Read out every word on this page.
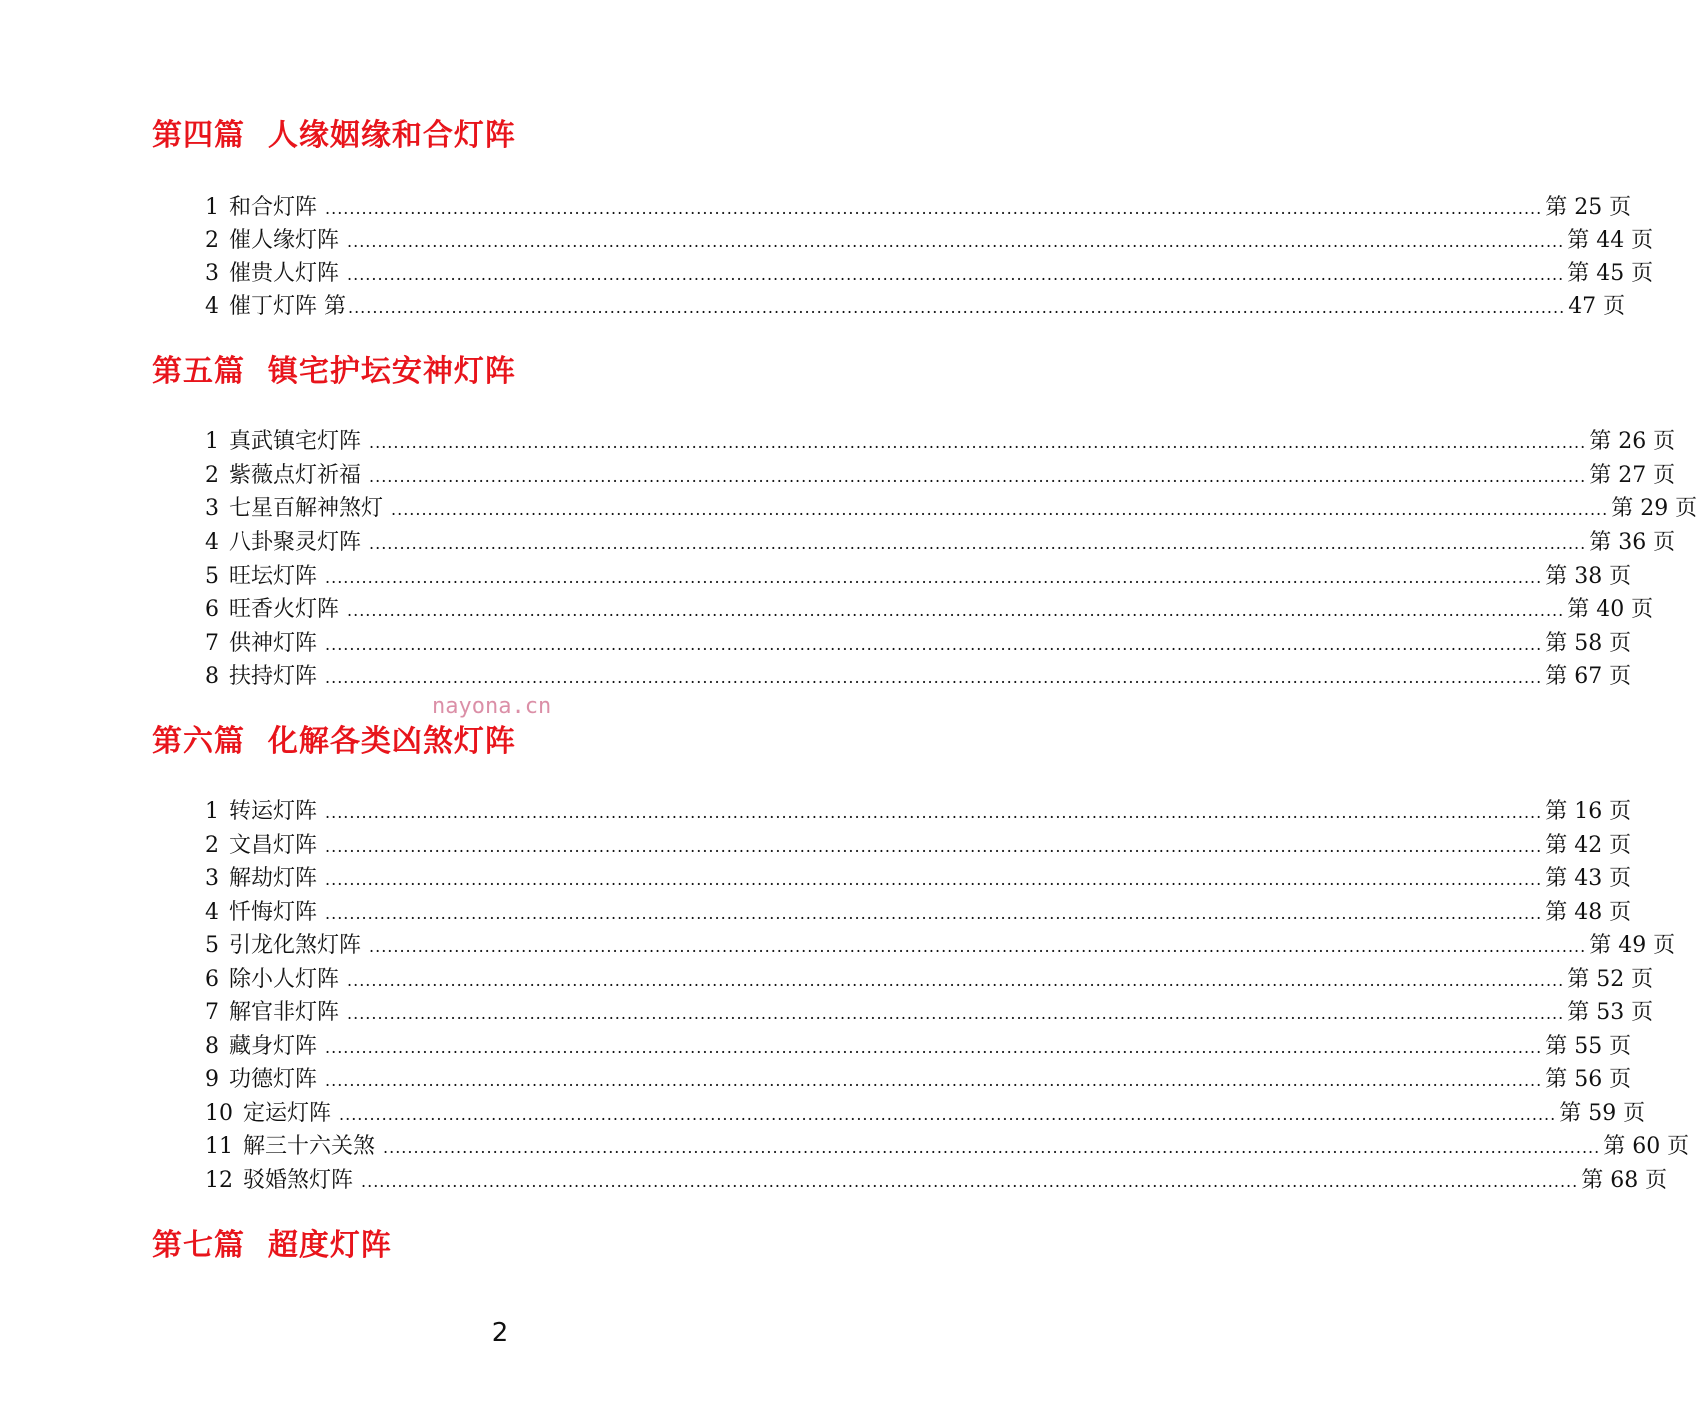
第四篇  人缘姻缘和合灯阵
1 和合灯阵 ........................................................................................................................................................................................................ 第 25 页
2 催人缘灯阵 ........................................................................................................................................................................................................ 第 44 页
3 催贵人灯阵 ........................................................................................................................................................................................................ 第 45 页
4 催丁灯阵 第 ........................................................................................................................................................................................................ 47 页
第五篇  镇宅护坛安神灯阵
1 真武镇宅灯阵 ........................................................................................................................................................................................................ 第 26 页
2 紫薇点灯祈福 ........................................................................................................................................................................................................ 第 27 页
3 七星百解神煞灯 ........................................................................................................................................................................................................ 第 29 页
4 八卦聚灵灯阵 ........................................................................................................................................................................................................ 第 36 页
5 旺坛灯阵 ........................................................................................................................................................................................................ 第 38 页
6 旺香火灯阵 ........................................................................................................................................................................................................ 第 40 页
7 供神灯阵 ........................................................................................................................................................................................................ 第 58 页
8 扶持灯阵 ........................................................................................................................................................................................................ 第 67 页
nayona.cn
第六篇  化解各类凶煞灯阵
1 转运灯阵 ........................................................................................................................................................................................................ 第 16 页
2 文昌灯阵 ........................................................................................................................................................................................................ 第 42 页
3 解劫灯阵 ........................................................................................................................................................................................................ 第 43 页
4 忏悔灯阵 ........................................................................................................................................................................................................ 第 48 页
5 引龙化煞灯阵 ........................................................................................................................................................................................................ 第 49 页
6 除小人灯阵 ........................................................................................................................................................................................................ 第 52 页
7 解官非灯阵 ........................................................................................................................................................................................................ 第 53 页
8 藏身灯阵 ........................................................................................................................................................................................................ 第 55 页
9 功德灯阵 ........................................................................................................................................................................................................ 第 56 页
10 定运灯阵 ........................................................................................................................................................................................................ 第 59 页
11 解三十六关煞 ........................................................................................................................................................................................................ 第 60 页
12 驳婚煞灯阵 ........................................................................................................................................................................................................ 第 68 页
第七篇  超度灯阵
2
